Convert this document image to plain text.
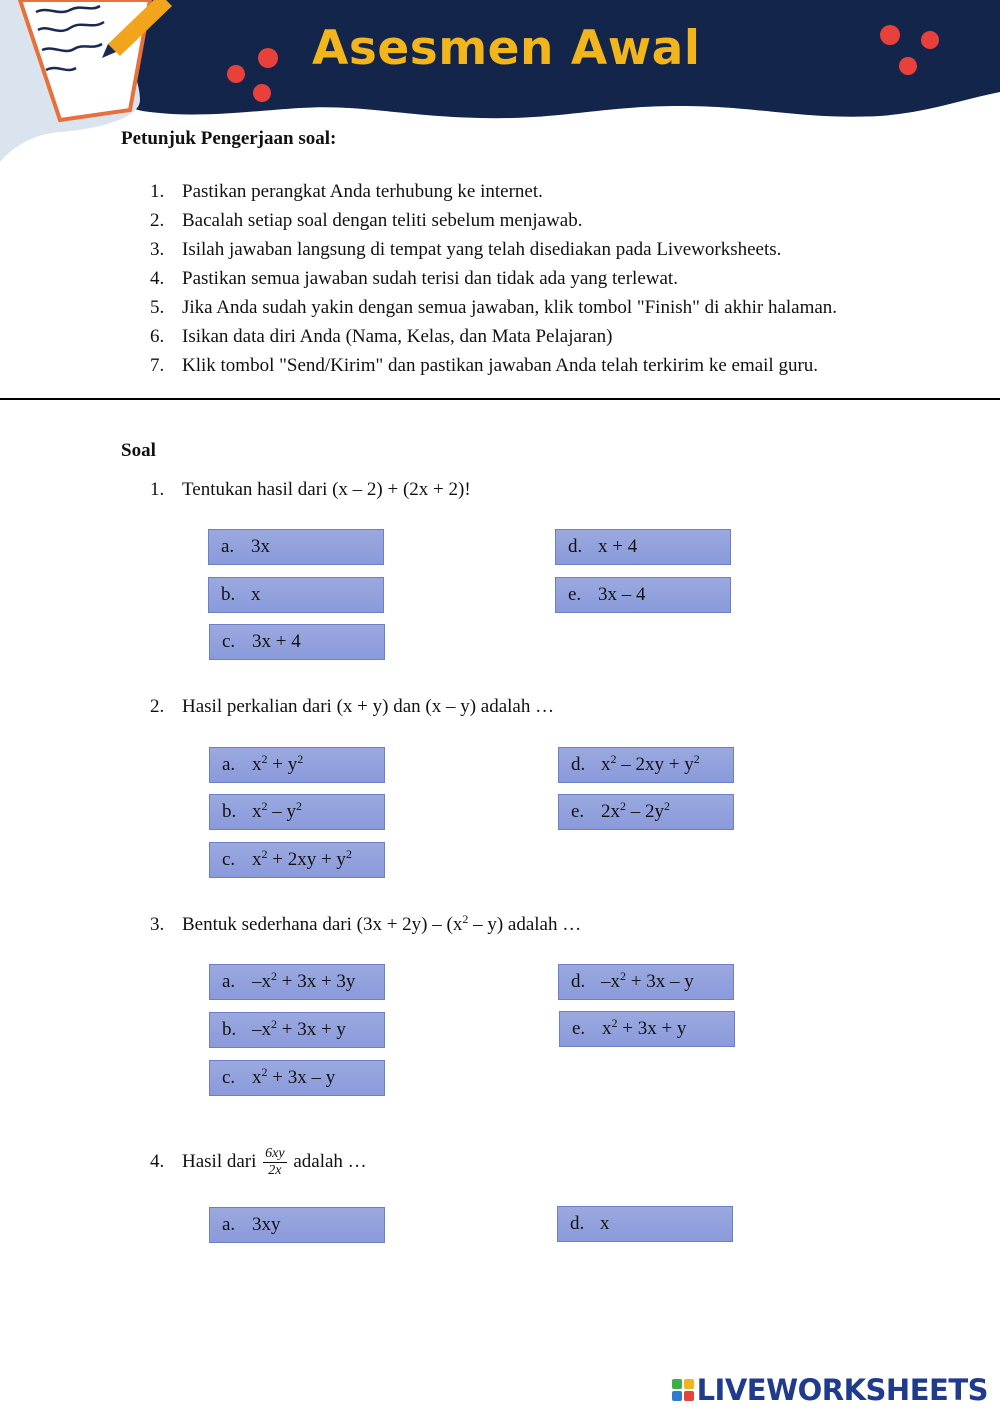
Asesmen Awal
Petunjuk Pengerjaan soal:
1. Pastikan perangkat Anda terhubung ke internet.
2. Bacalah setiap soal dengan teliti sebelum menjawab.
3. Isilah jawaban langsung di tempat yang telah disediakan pada Liveworksheets.
4. Pastikan semua jawaban sudah terisi dan tidak ada yang terlewat.
5. Jika Anda sudah yakin dengan semua jawaban, klik tombol "Finish" di akhir halaman.
6. Isikan data diri Anda (Nama, Kelas, dan Mata Pelajaran)
7. Klik tombol "Send/Kirim" dan pastikan jawaban Anda telah terkirim ke email guru.
Soal
1. Tentukan hasil dari (x – 2) + (2x + 2)!
a. 3x
b. x
c. 3x + 4
d. x + 4
e. 3x – 4
2. Hasil perkalian dari (x + y) dan (x – y) adalah …
a. $x^2 + y^2$
b. $x^2 - y^2$
c. $x^2 + 2xy + y^2$
d. $x^2 - 2xy + y^2$
e. $2x^2 - 2y^2$
3. Bentuk sederhana dari $(3x + 2y) - (x^2 - y)$ adalah …
a. $-x^2 + 3x + 3y$
b. $-x^2 + 3x + y$
c. $x^2 + 3x - y$
d. $-x^2 + 3x - y$
e. $x^2 + 3x + y$
4. Hasil dari $\frac{6xy}{2x}$ adalah …
a. 3xy	d. x
LIVEWORKSHEETS
